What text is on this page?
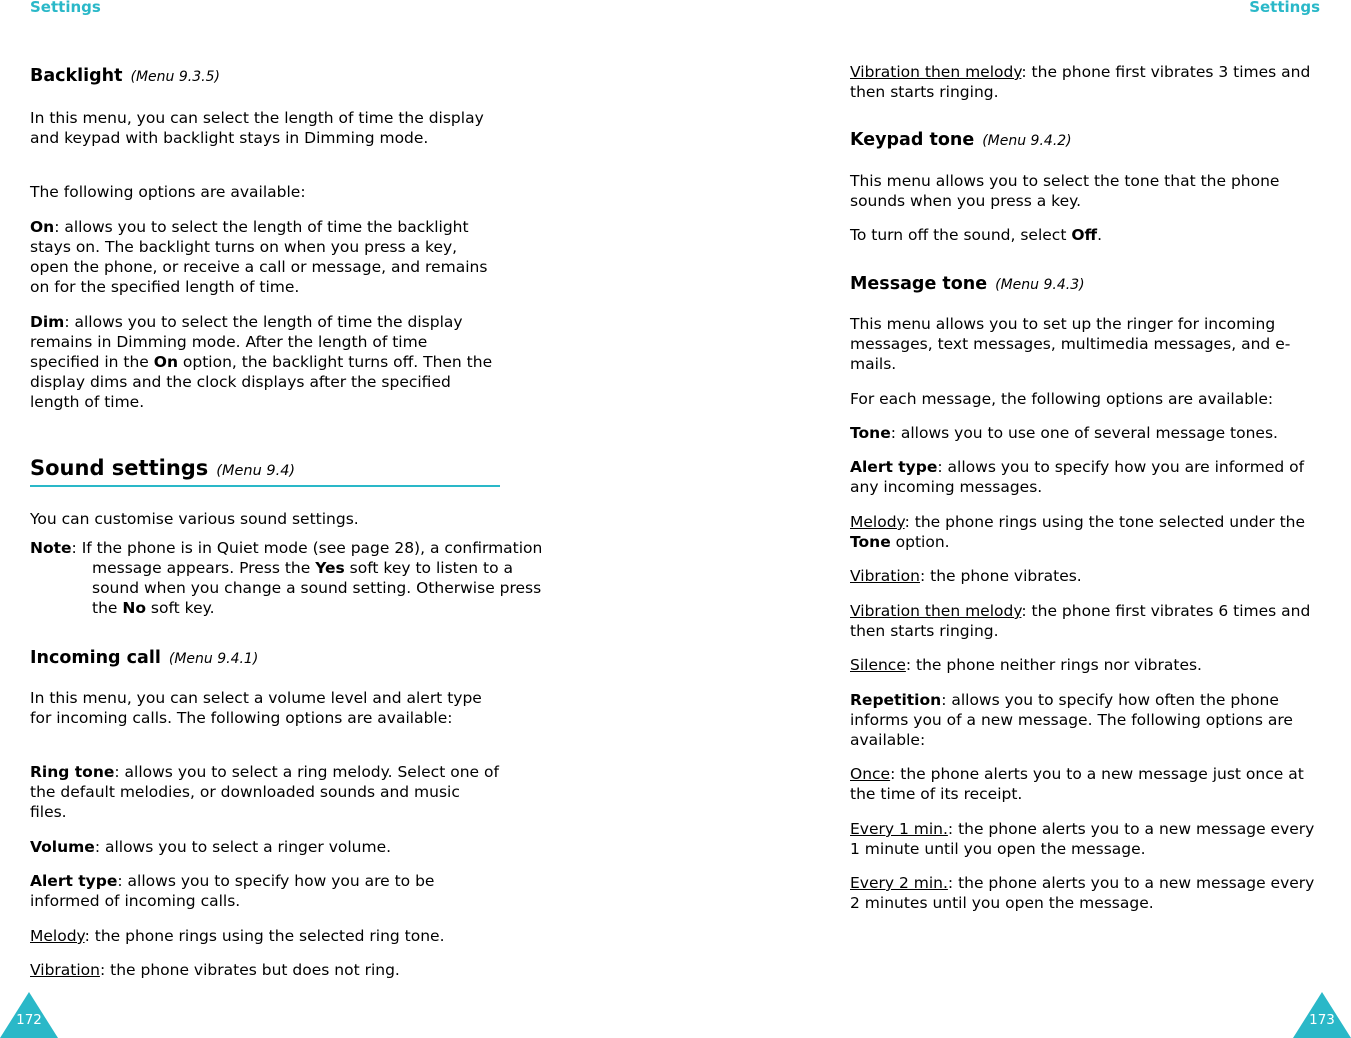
Settings	Settings
Backlight (Menu 9.3.5)

In this menu, you can select the length of time the display and keypad with backlight stays in Dimming mode.

The following options are available:

On: allows you to select the length of time the backlight stays on. The backlight turns on when you press a key, open the phone, or receive a call or message, and remains on for the specified length of time.

Dim: allows you to select the length of time the display remains in Dimming mode. After the length of time specified in the On option, the backlight turns off. Then the display dims and the clock displays after the specified length of time.

Sound settings (Menu 9.4)

You can customise various sound settings.

Note: If the phone is in Quiet mode (see page 28), a confirmation message appears. Press the Yes soft key to listen to a sound when you change a sound setting. Otherwise press the No soft key.

Incoming call (Menu 9.4.1)

In this menu, you can select a volume level and alert type for incoming calls. The following options are available:

Ring tone: allows you to select a ring melody. Select one of the default melodies, or downloaded sounds and music files.

Volume: allows you to select a ringer volume.

Alert type: allows you to specify how you are to be informed of incoming calls.

Melody: the phone rings using the selected ring tone.

Vibration: the phone vibrates but does not ring.

Vibration then melody: the phone first vibrates 3 times and then starts ringing.

Keypad tone (Menu 9.4.2)

This menu allows you to select the tone that the phone sounds when you press a key.

To turn off the sound, select Off.

Message tone (Menu 9.4.3)

This menu allows you to set up the ringer for incoming messages, text messages, multimedia messages, and e-mails.

For each message, the following options are available:

Tone: allows you to use one of several message tones.

Alert type: allows you to specify how you are informed of any incoming messages.

Melody: the phone rings using the tone selected under the Tone option.

Vibration: the phone vibrates.

Vibration then melody: the phone first vibrates 6 times and then starts ringing.

Silence: the phone neither rings nor vibrates.

Repetition: allows you to specify how often the phone informs you of a new message. The following options are available:

Once: the phone alerts you to a new message just once at the time of its receipt.

Every 1 min.: the phone alerts you to a new message every 1 minute until you open the message.

Every 2 min.: the phone alerts you to a new message every 2 minutes until you open the message.

172	173
